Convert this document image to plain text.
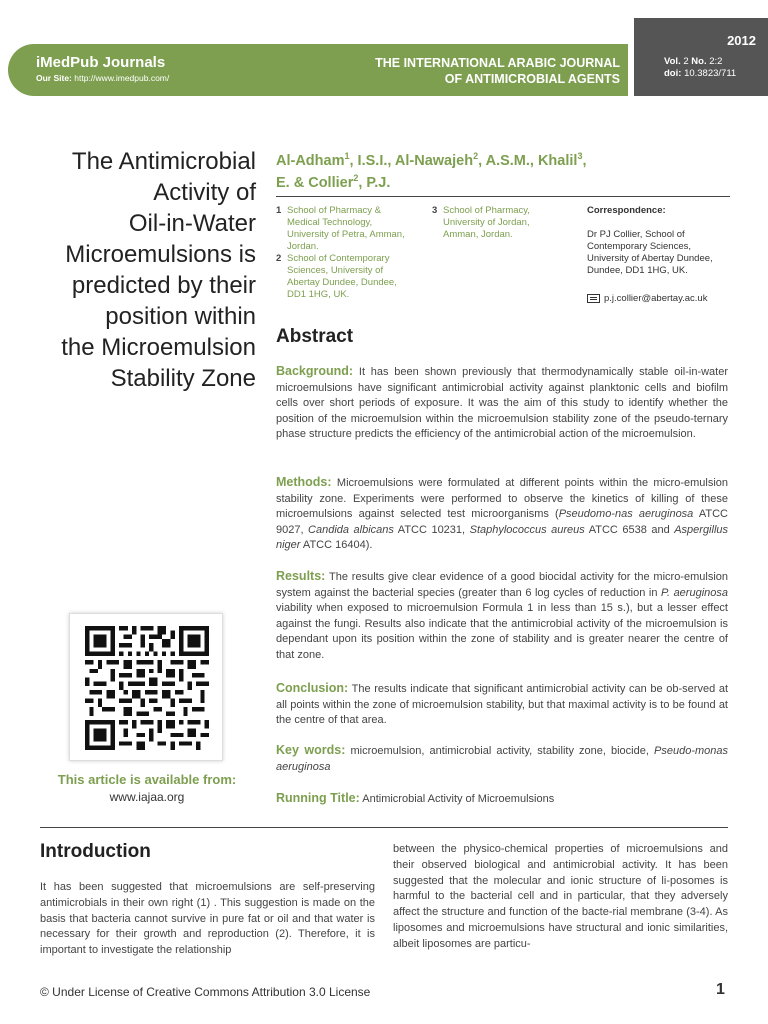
iMedPub Journals
Our Site: http://www.imedpub.com/
THE INTERNATIONAL ARABIC JOURNAL
OF ANTIMICROBIAL AGENTS
2012
Vol. 2 No. 2:2
doi: 10.3823/711
The Antimicrobial
Activity of
Oil-in-Water
Microemulsions is
predicted by their
position within
the Microemulsion
Stability Zone
Al-Adham$^1$, I.S.I., Al-Nawajeh$^2$, A.S.M., Khalil$^3$,
E. & Collier$^2$, P.J.
1 School of Pharmacy & Medical Technology, University of Petra, Amman, Jordan.
2 School of Contemporary Sciences, University of Abertay Dundee, Dundee, DD1 1HG, UK.
3 School of Pharmacy, University of Jordan, Amman, Jordan.
Correspondence:
Dr PJ Collier, School of Contemporary Sciences, University of Abertay Dundee, Dundee, DD1 1HG, UK.
p.j.collier@abertay.ac.uk
Abstract

Background: It has been shown previously that thermodynamically stable oil-in-water microemulsions have significant antimicrobial activity against planktonic cells and biofilm cells over short periods of exposure. It was the aim of this study to identify whether the position of the microemulsion within the microemulsion stability zone of the pseudo-ternary phase structure predicts the efficiency of the antimicrobial action of the microemulsion.

Methods: Microemulsions were formulated at different points within the micro-emulsion stability zone. Experiments were performed to observe the kinetics of killing of these microemulsions against selected test microorganisms (Pseudomo-nas aeruginosa ATCC 9027, Candida albicans ATCC 10231, Staphylococcus aureus ATCC 6538 and Aspergillus niger ATCC 16404).

Results: The results give clear evidence of a good biocidal activity for the micro-emulsion system against the bacterial species (greater than 6 log cycles of reduction in P. aeruginosa viability when exposed to microemulsion Formula 1 in less than 15 s.), but a lesser effect against the fungi. Results also indicate that the antimicrobial activity of the microemulsion is dependant upon its position within the zone of stability and is greater nearer the centre of that zone.

Conclusion: The results indicate that significant antimicrobial activity can be ob-served at all points within the zone of microemulsion stability, but that maximal activity is to be found at the centre of that area.

Key words: microemulsion, antimicrobial activity, stability zone, biocide, Pseudo-monas aeruginosa

Running Title: Antimicrobial Activity of Microemulsions

This article is available from:
www.iajaa.org
Introduction

It has been suggested that microemulsions are self-preserving antimicrobials in their own right (1) . This suggestion is made on the basis that bacteria cannot survive in pure fat or oil and that water is necessary for their growth and reproduction (2). Therefore, it is important to investigate the relationship

between the physico-chemical properties of microemulsions and their observed biological and antimicrobial activity. It has been suggested that the molecular and ionic structure of li-posomes is harmful to the bacterial cell and in particular, that they adversely affect the structure and function of the bacte-rial membrane (3-4). As liposomes and microemulsions have structural and ionic similarities, albeit liposomes are particu-

© Under License of Creative Commons Attribution 3.0 License	1
